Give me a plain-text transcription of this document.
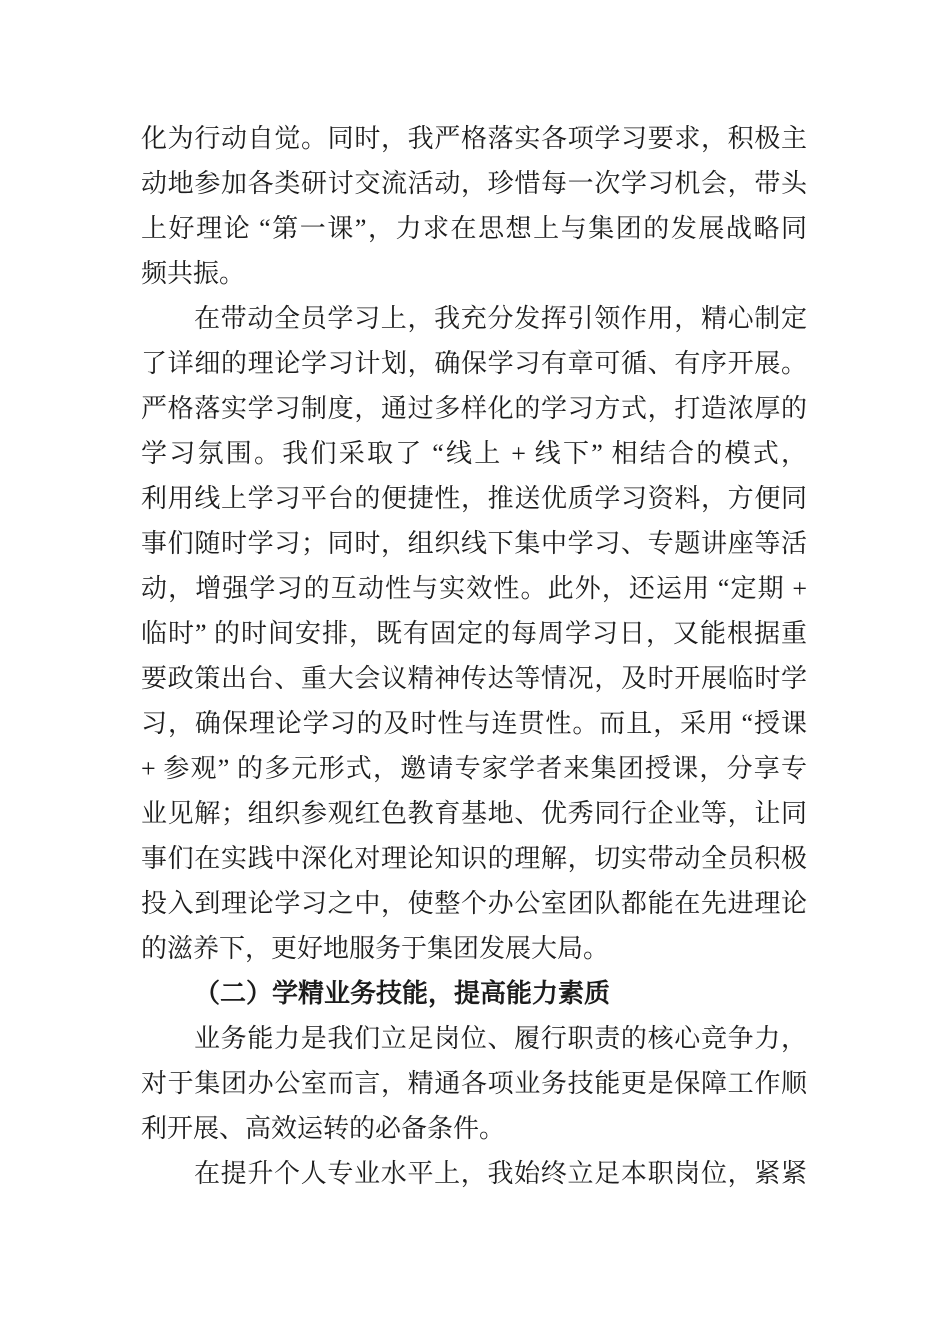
化为行动自觉。同时，我严格落实各项学习要求，积极主
动地参加各类研讨交流活动，珍惜每一次学习机会，带头
上好理论 “第一课”，力求在思想上与集团的发展战略同
频共振。
在带动全员学习上，我充分发挥引领作用，精心制定
了详细的理论学习计划，确保学习有章可循、有序开展。
严格落实学习制度，通过多样化的学习方式，打造浓厚的
学习氛围。我们采取了 “线上 + 线下” 相结合的模式，
利用线上学习平台的便捷性，推送优质学习资料，方便同
事们随时学习；同时，组织线下集中学习、专题讲座等活
动，增强学习的互动性与实效性。此外，还运用 “定期 +
临时” 的时间安排，既有固定的每周学习日，又能根据重
要政策出台、重大会议精神传达等情况，及时开展临时学
习，确保理论学习的及时性与连贯性。而且，采用 “授课
+ 参观” 的多元形式，邀请专家学者来集团授课，分享专
业见解；组织参观红色教育基地、优秀同行企业等，让同
事们在实践中深化对理论知识的理解，切实带动全员积极
投入到理论学习之中，使整个办公室团队都能在先进理论
的滋养下，更好地服务于集团发展大局。
（二）学精业务技能，提高能力素质
业务能力是我们立足岗位、履行职责的核心竞争力，
对于集团办公室而言，精通各项业务技能更是保障工作顺
利开展、高效运转的必备条件。
在提升个人专业水平上，我始终立足本职岗位，紧紧
